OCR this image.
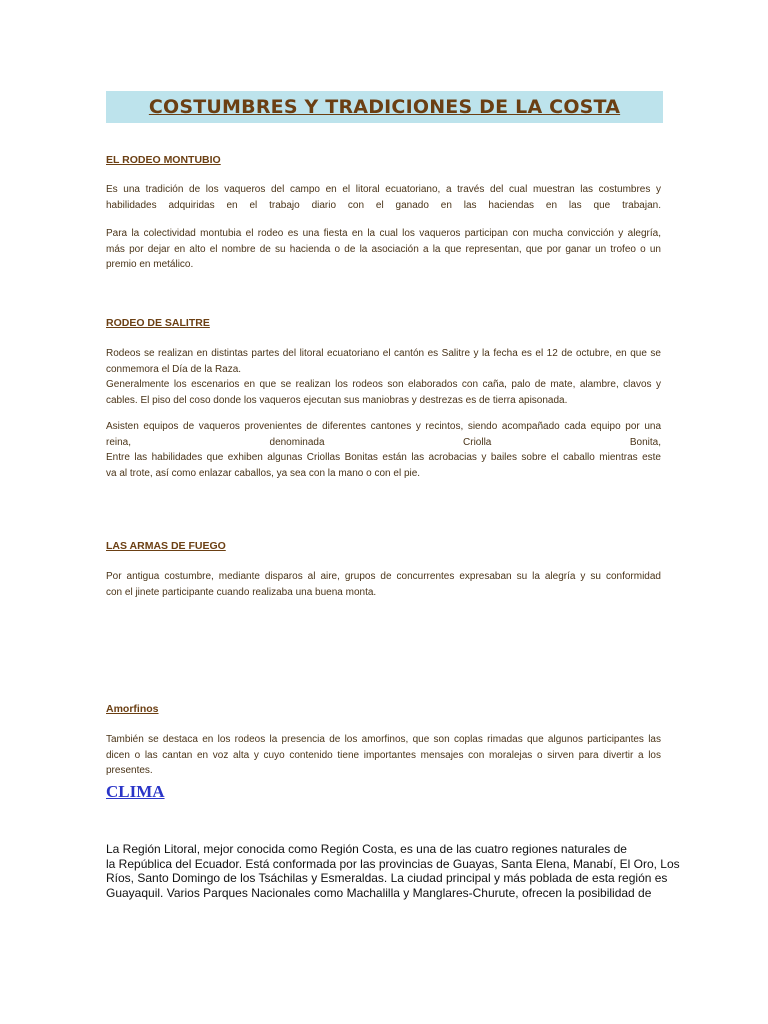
COSTUMBRES Y TRADICIONES DE LA COSTA
EL RODEO MONTUBIO
Es una tradición de los vaqueros del campo en el litoral ecuatoriano, a través del cual muestran las costumbres y
habilidades adquiridas en el trabajo diario con el ganado en las haciendas en las que trabajan.
Para la colectividad montubia el rodeo es una fiesta en la cual los vaqueros participan con mucha convicción y alegría,
más por dejar en alto el nombre de su hacienda o de la asociación a la que representan, que por ganar un trofeo o un
premio en metálico.
RODEO DE SALITRE
Rodeos se realizan en distintas partes del litoral ecuatoriano el cantón es Salitre y la fecha es el 12 de octubre, en que se
conmemora el Día de la Raza.
Generalmente los escenarios en que se realizan los rodeos son elaborados con caña, palo de mate, alambre, clavos y
cables. El piso del coso donde los vaqueros ejecutan sus maniobras y destrezas es de tierra apisonada.
Asisten equipos de vaqueros provenientes de diferentes cantones y recintos, siendo acompañado cada equipo por una
reina, denominada Criolla Bonita,
Entre las habilidades que exhiben algunas Criollas Bonitas están las acrobacias y bailes sobre el caballo mientras este
va al trote, así como enlazar caballos, ya sea con la mano o con el pie.
LAS ARMAS DE FUEGO
Por antigua costumbre, mediante disparos al aire, grupos de concurrentes expresaban su la alegría y su conformidad
con el jinete participante cuando realizaba una buena monta.
Amorfinos
También se destaca en los rodeos la presencia de los amorfinos, que son coplas rimadas que algunos participantes las
dicen o las cantan en voz alta y cuyo contenido tiene importantes mensajes con moralejas o sirven para divertir a los
presentes.
CLIMA
La Región Litoral, mejor conocida como Región Costa, es una de las cuatro regiones naturales de
la República del Ecuador. Está conformada por las provincias de Guayas, Santa Elena, Manabí, El Oro, Los
Ríos, Santo Domingo de los Tsáchilas y Esmeraldas. La ciudad principal y más poblada de esta región es
Guayaquil. Varios Parques Nacionales como Machalilla y Manglares-Churute, ofrecen la posibilidad de
